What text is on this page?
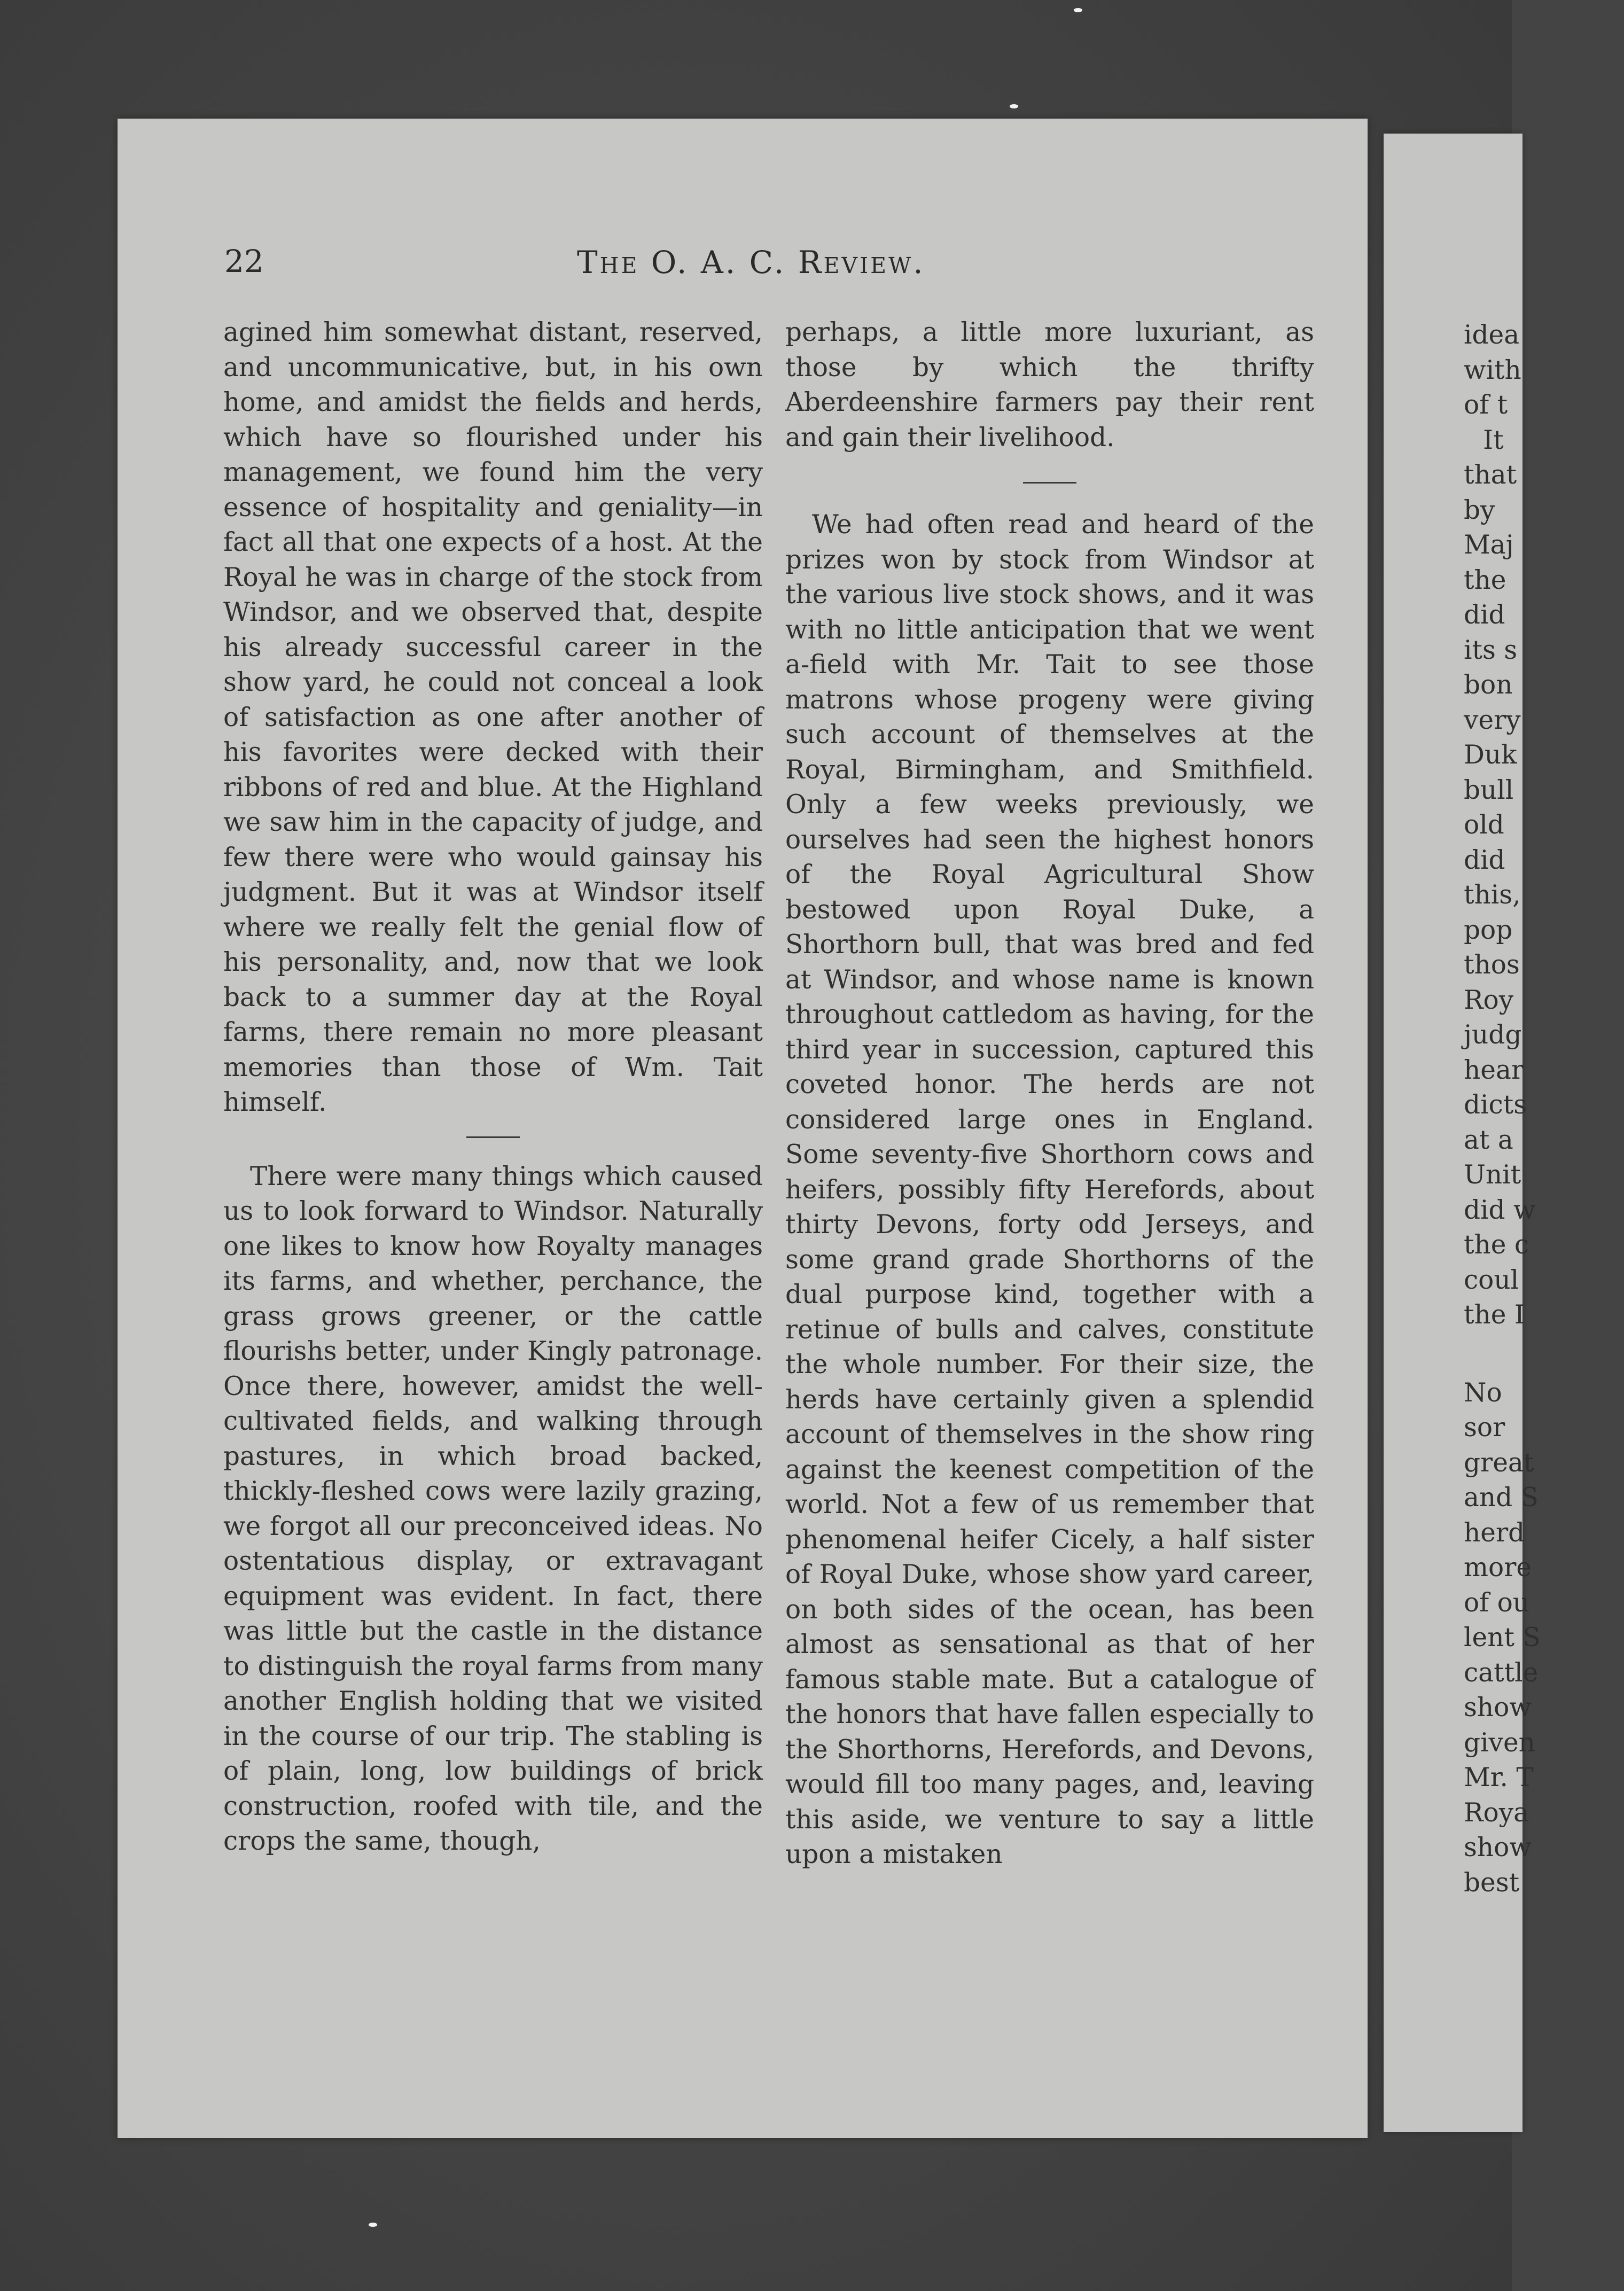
idea
with
of t
It
that
by
Maj
the
did
its s
bon
very
Duk
bull
old
did
this,
pop
thos
Roy
judg
hear
dicts
at a
Unit
did w
the c
coul
the I
No
sor
great
and S
herd
more
of ou
lent S
cattle
show
given
Mr. T
Roya
show
best
22	The O. A. C. Review.

agined him somewhat distant, reserved, and uncommunicative, but, in his own home, and amidst the fields and herds, which have so flourished under his management, we found him the very essence of hospitality and geniality—in fact all that one expects of a host. At the Royal he was in charge of the stock from Windsor, and we observed that, despite his already successful career in the show yard, he could not conceal a look of satisfaction as one after another of his favorites were decked with their ribbons of red and blue. At the Highland we saw him in the capacity of judge, and few there were who would gainsay his judgment. But it was at Windsor itself where we really felt the genial flow of his personality, and, now that we look back to a summer day at the Royal farms, there remain no more pleasant memories than those of Wm. Tait himself.

There were many things which caused us to look forward to Windsor. Naturally one likes to know how Royalty manages its farms, and whether, perchance, the grass grows greener, or the cattle flourishs better, under Kingly patronage. Once there, however, amidst the well-cultivated fields, and walking through pastures, in which broad backed, thickly-fleshed cows were lazily grazing, we forgot all our preconceived ideas. No ostentatious display, or extravagant equipment was evident. In fact, there was little but the castle in the distance to distinguish the royal farms from many another English holding that we visited in the course of our trip. The stabling is of plain, long, low buildings of brick construction, roofed with tile, and the crops the same, though,

perhaps, a little more luxuriant, as those by which the thrifty Aberdeenshire farmers pay their rent and gain their livelihood.

We had often read and heard of the prizes won by stock from Windsor at the various live stock shows, and it was with no little anticipation that we went a-field with Mr. Tait to see those matrons whose progeny were giving such account of themselves at the Royal, Birmingham, and Smithfield. Only a few weeks previously, we ourselves had seen the highest honors of the Royal Agricultural Show bestowed upon Royal Duke, a Shorthorn bull, that was bred and fed at Windsor, and whose name is known throughout cattledom as having, for the third year in succession, captured this coveted honor. The herds are not considered large ones in England. Some seventy-five Shorthorn cows and heifers, possibly fifty Herefords, about thirty Devons, forty odd Jerseys, and some grand grade Shorthorns of the dual purpose kind, together with a retinue of bulls and calves, constitute the whole number. For their size, the herds have certainly given a splendid account of themselves in the show ring against the keenest competition of the world. Not a few of us remember that phenomenal heifer Cicely, a half sister of Royal Duke, whose show yard career, on both sides of the ocean, has been almost as sensational as that of her famous stable mate. But a catalogue of the honors that have fallen especially to the Shorthorns, Herefords, and Devons, would fill too many pages, and, leaving this aside, we venture to say a little upon a mistaken
